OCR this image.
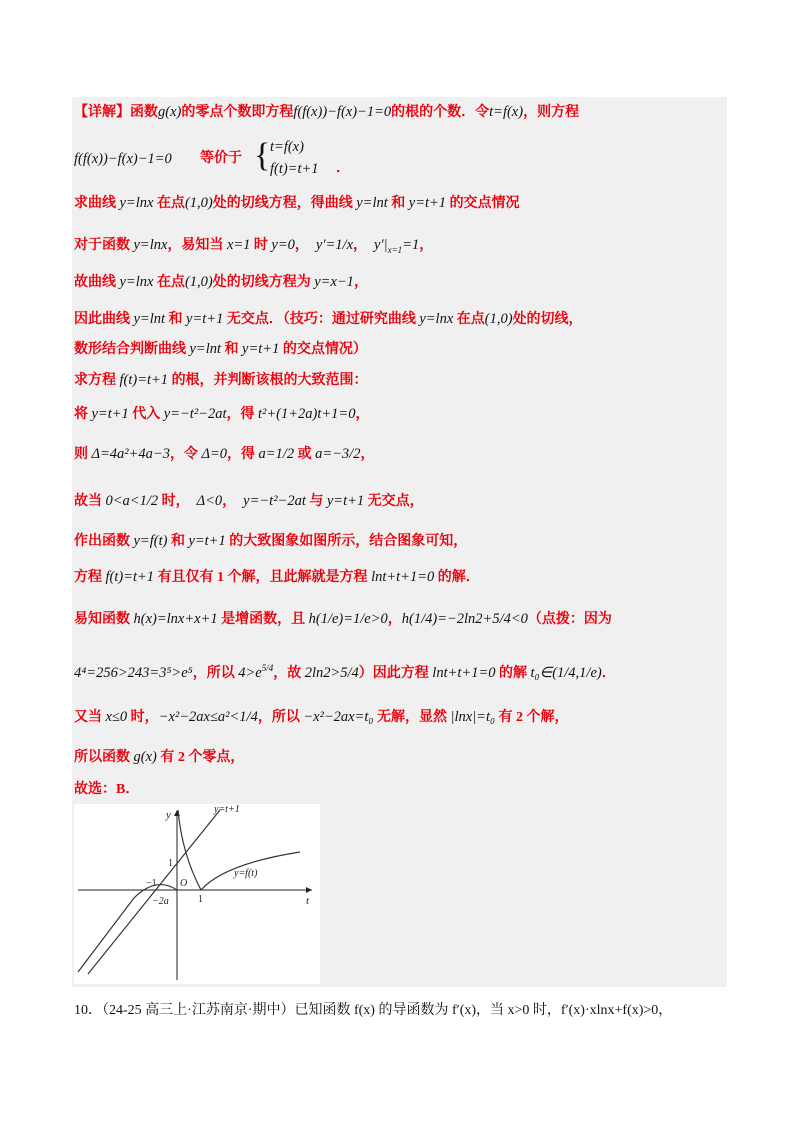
【详解】函数g(x)的零点个数即方程f(f(x))−f(x)−1=0的根的个数．令t=f(x)，则方程
f(f(x))−f(x)−1=0 等价于 { t=f(x)
f(t)=t+1 ．
求曲线 y=lnx 在点(1,0)处的切线方程，得曲线 y=lnt 和 y=t+1 的交点情况
对于函数 y=lnx，易知当 x=1 时 y=0，　y′=1/x，　$y'|_{x=1}=1$，
故曲线 y=lnx 在点(1,0)处的切线方程为 y=x−1，
因此曲线 y=lnt 和 y=t+1 无交点．（技巧：通过研究曲线 y=lnx 在点(1,0)处的切线，
数形结合判断曲线 y=lnt 和 y=t+1 的交点情况）
求方程 f(t)=t+1 的根，并判断该根的大致范围：
将 y=t+1 代入 y=−t²−2at，得 t²+(1+2a)t+1=0，
则 Δ=4a²+4a−3，令 Δ=0，得 a=1/2 或 a=−3/2，
故当 0<a<1/2 时，　Δ<0，　y=−t²−2at 与 y=t+1 无交点，
作出函数 y=f(t) 和 y=t+1 的大致图象如图所示，结合图象可知，
方程 f(t)=t+1 有且仅有 1 个解，且此解就是方程 lnt+t+1=0 的解．
易知函数 h(x)=lnx+x+1 是增函数，且 h(1/e)=1/e>0，h(1/4)=−2ln2+5/4<0（点拨：因为
4⁴=256>243=3⁵>e⁵，所以 $4>e^{5/4}$，故 2ln2>5/4）因此方程 lnt+t+1=0 的解 t₀∈(1/4,1/e)．
又当 x≤0 时，−x²−2ax≤a²<1/4，所以 −x²−2ax=t₀ 无解，显然 |lnx|=t₀ 有 2 个解，
所以函数 g(x) 有 2 个零点，
故选：B．
y
t
O
−1
1
1
−2a
y=t+1
y=f(t)
10．（24-25 高三上·江苏南京·期中）已知函数 f(x) 的导函数为 f′(x)，当 x>0 时，f′(x)·xlnx+f(x)>0，
